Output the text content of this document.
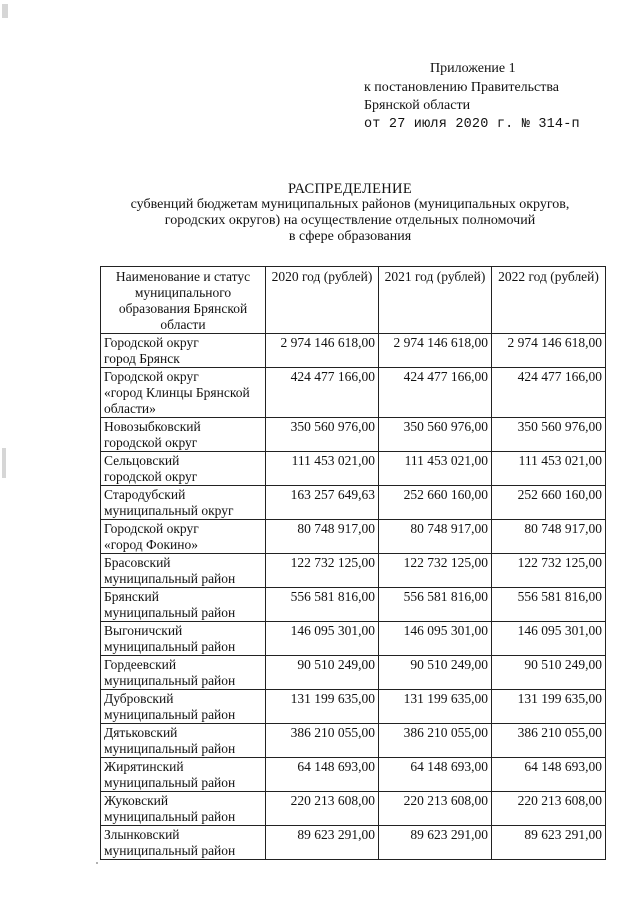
Приложение 1
к постановлению Правительства
Брянской области
от 27 июля 2020 г. № 314-п
РАСПРЕДЕЛЕНИЕ
субвенций бюджетам муниципальных районов (муниципальных округов,
городских округов) на осуществление отдельных полномочий
в сфере образования
Наименование и статус муниципального образования Брянской области	2020 год (рублей)	2021 год (рублей)	2022 год (рублей)
Городской округ
город Брянск	2 974 146 618,00	2 974 146 618,00	2 974 146 618,00
Городской округ
«город Клинцы Брянской области»	424 477 166,00	424 477 166,00	424 477 166,00
Новозыбковский
городской округ	350 560 976,00	350 560 976,00	350 560 976,00
Сельцовский
городской округ	111 453 021,00	111 453 021,00	111 453 021,00
Стародубский
муниципальный округ	163 257 649,63	252 660 160,00	252 660 160,00
Городской округ
«город Фокино»	80 748 917,00	80 748 917,00	80 748 917,00
Брасовский
муниципальный район	122 732 125,00	122 732 125,00	122 732 125,00
Брянский
муниципальный район	556 581 816,00	556 581 816,00	556 581 816,00
Выгоничский
муниципальный район	146 095 301,00	146 095 301,00	146 095 301,00
Гордеевский
муниципальный район	90 510 249,00	90 510 249,00	90 510 249,00
Дубровский
муниципальный район	131 199 635,00	131 199 635,00	131 199 635,00
Дятьковский
муниципальный район	386 210 055,00	386 210 055,00	386 210 055,00
Жирятинский
муниципальный район	64 148 693,00	64 148 693,00	64 148 693,00
Жуковский
муниципальный район	220 213 608,00	220 213 608,00	220 213 608,00
Злынковский
муниципальный район	89 623 291,00	89 623 291,00	89 623 291,00
